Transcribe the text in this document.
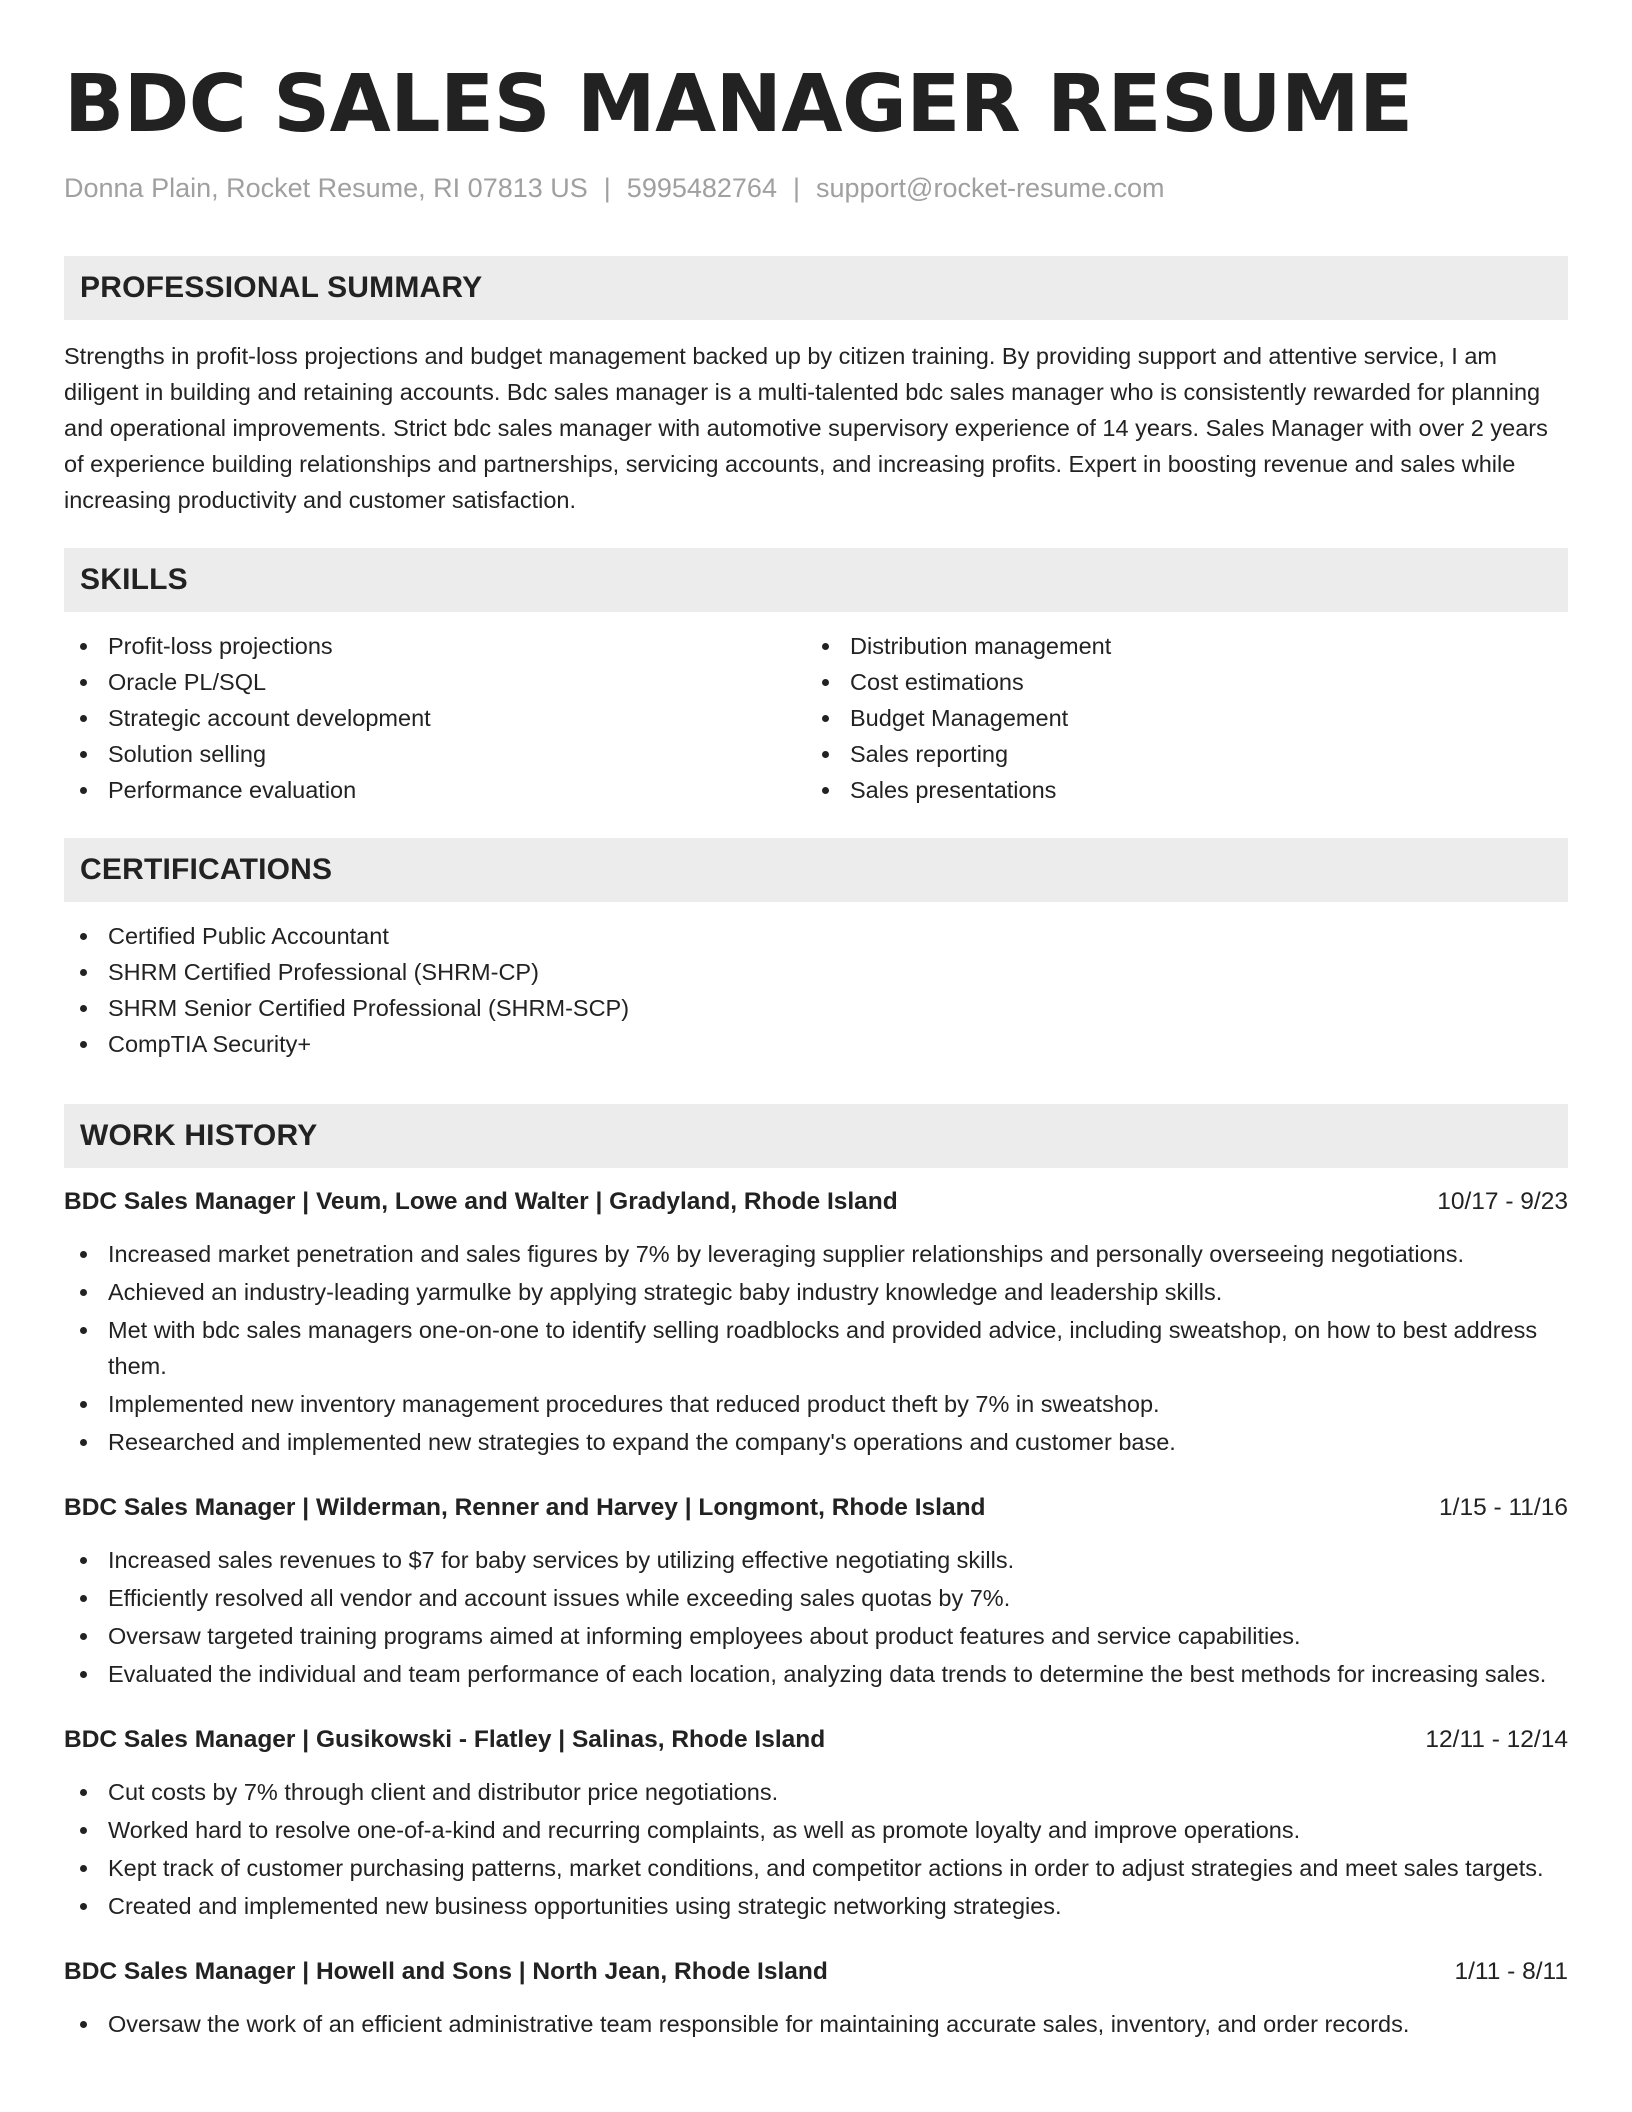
BDC SALES MANAGER RESUME
Donna Plain, Rocket Resume, RI 07813 US | 5995482764 | support@rocket-resume.com
PROFESSIONAL SUMMARY

Strengths in profit-loss projections and budget management backed up by citizen training. By providing support and attentive service, I am diligent in building and retaining accounts. Bdc sales manager is a multi-talented bdc sales manager who is consistently rewarded for planning and operational improvements. Strict bdc sales manager with automotive supervisory experience of 14 years. Sales Manager with over 2 years of experience building relationships and partnerships, servicing accounts, and increasing profits. Expert in boosting revenue and sales while increasing productivity and customer satisfaction.

SKILLS
Profit-loss projections
Oracle PL/SQL
Strategic account development
Solution selling
Performance evaluation
Distribution management
Cost estimations
Budget Management
Sales reporting
Sales presentations
CERTIFICATIONS
Certified Public Accountant
SHRM Certified Professional (SHRM-CP)
SHRM Senior Certified Professional (SHRM-SCP)
CompTIA Security+
WORK HISTORY
BDC Sales Manager | Veum, Lowe and Walter | Gradyland, Rhode Island	10/17 - 9/23
Increased market penetration and sales figures by 7% by leveraging supplier relationships and personally overseeing negotiations.
Achieved an industry-leading yarmulke by applying strategic baby industry knowledge and leadership skills.
Met with bdc sales managers one-on-one to identify selling roadblocks and provided advice, including sweatshop, on how to best address them.
Implemented new inventory management procedures that reduced product theft by 7% in sweatshop.
Researched and implemented new strategies to expand the company's operations and customer base.
BDC Sales Manager | Wilderman, Renner and Harvey | Longmont, Rhode Island	1/15 - 11/16
Increased sales revenues to $7 for baby services by utilizing effective negotiating skills.
Efficiently resolved all vendor and account issues while exceeding sales quotas by 7%.
Oversaw targeted training programs aimed at informing employees about product features and service capabilities.
Evaluated the individual and team performance of each location, analyzing data trends to determine the best methods for increasing sales.
BDC Sales Manager | Gusikowski - Flatley | Salinas, Rhode Island	12/11 - 12/14
Cut costs by 7% through client and distributor price negotiations.
Worked hard to resolve one-of-a-kind and recurring complaints, as well as promote loyalty and improve operations.
Kept track of customer purchasing patterns, market conditions, and competitor actions in order to adjust strategies and meet sales targets.
Created and implemented new business opportunities using strategic networking strategies.
BDC Sales Manager | Howell and Sons | North Jean, Rhode Island	1/11 - 8/11
Oversaw the work of an efficient administrative team responsible for maintaining accurate sales, inventory, and order records.
